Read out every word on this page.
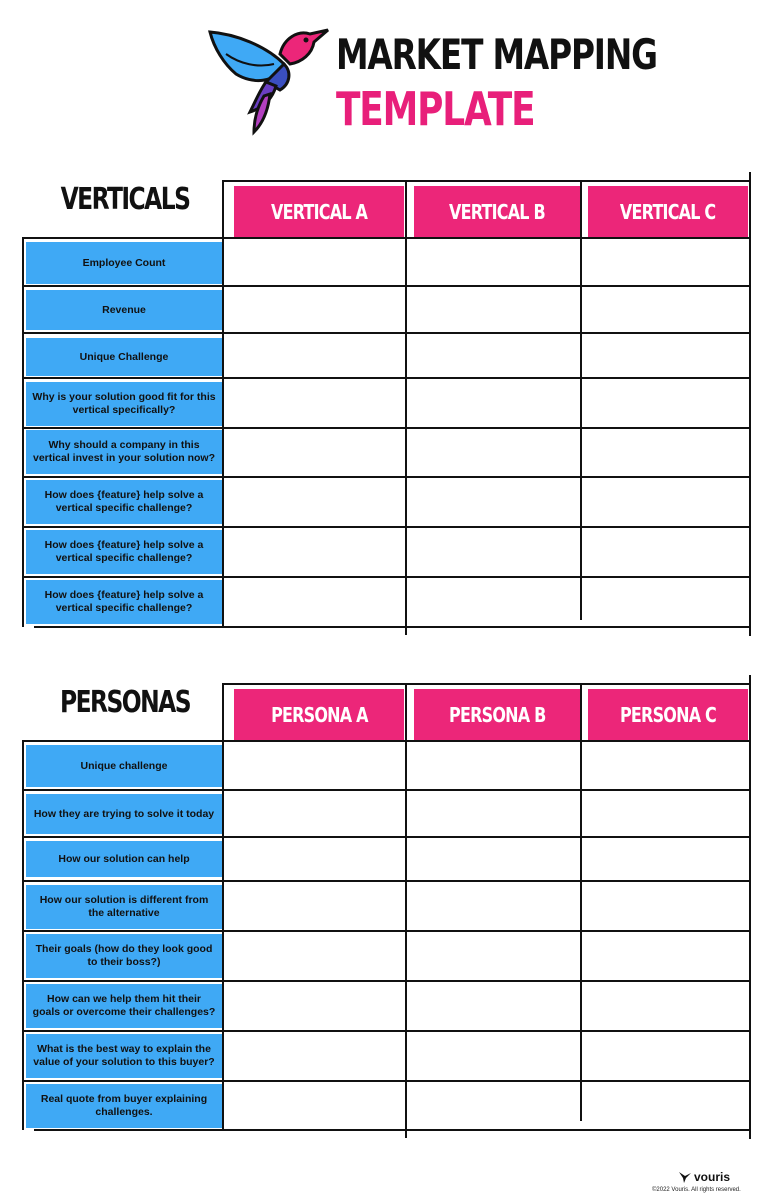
MARKET MAPPING
TEMPLATE
VERTICALS	VERTICAL A	VERTICAL B	VERTICAL C
Employee Count
Revenue
Unique Challenge
Why is your solution good fit for this vertical specifically?
Why should a company in this vertical invest in your solution now?
How does {feature} help solve a vertical specific challenge?
How does {feature} help solve a vertical specific challenge?
How does {feature} help solve a vertical specific challenge?
PERSONAS	PERSONA A	PERSONA B	PERSONA C
Unique challenge
How they are trying to solve it today
How our solution can help
How our solution is different from the alternative
Their goals (how do they look good to their boss?)
How can we help them hit their goals or overcome their challenges?
What is the best way to explain the value of your solution to this buyer?
Real quote from buyer explaining challenges.
vouris
©2022 Vouris. All rights reserved.
